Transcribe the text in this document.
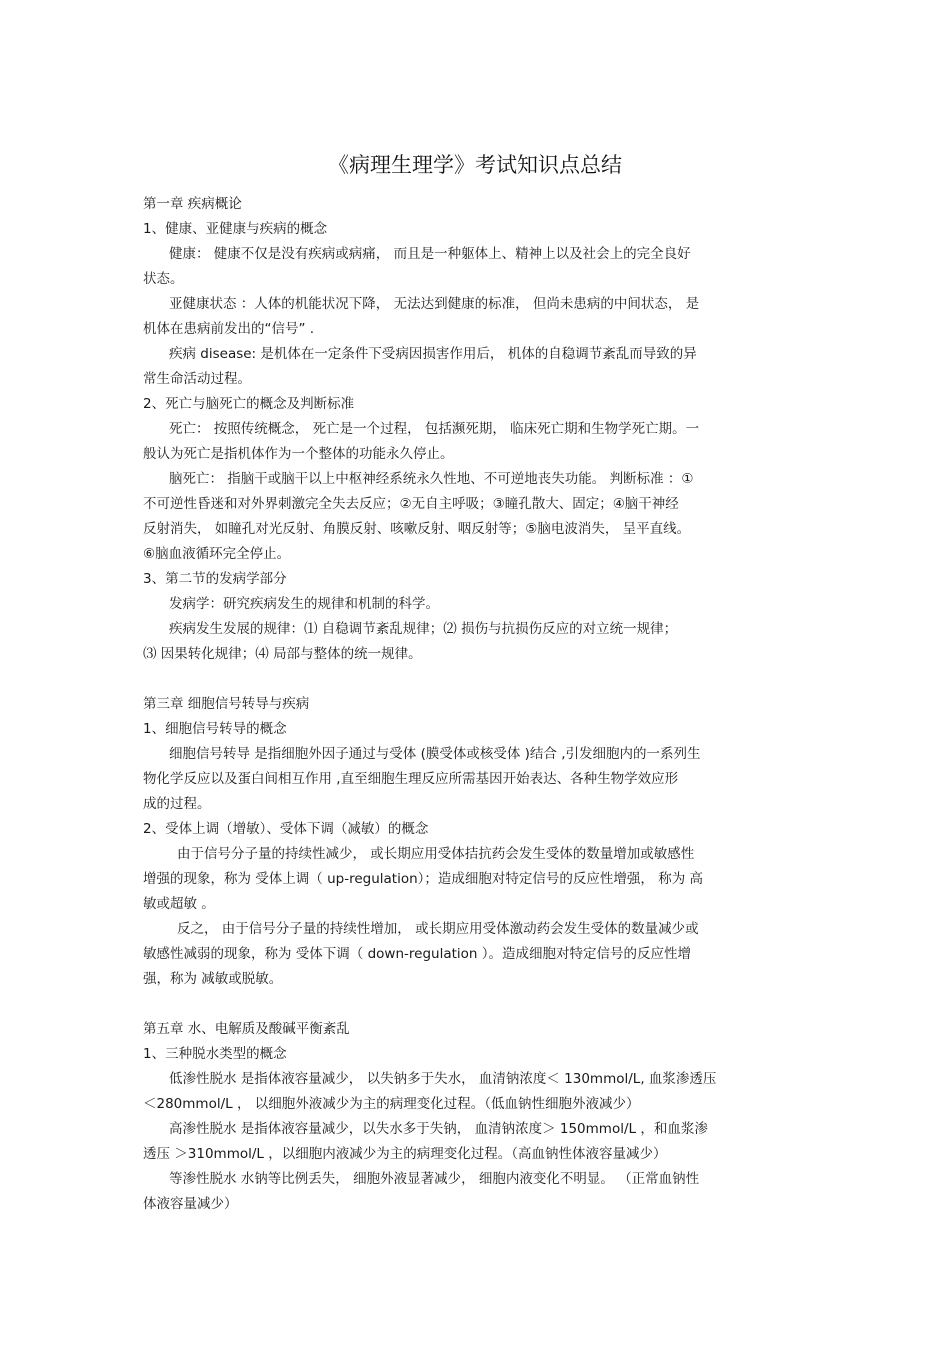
《病理生理学》考试知识点总结
第一章 疾病概论
1、健康、亚健康与疾病的概念
健康： 健康不仅是没有疾病或病痛， 而且是一种躯体上、精神上以及社会上的完全良好
状态。
亚健康状态 ：人体的机能状况下降， 无法达到健康的标准， 但尚未患病的中间状态， 是
机体在患病前发出的“信号” .
疾病 disease: 是机体在一定条件下受病因损害作用后， 机体的自稳调节紊乱而导致的异
常生命活动过程。
2、死亡与脑死亡的概念及判断标准
死亡： 按照传统概念， 死亡是一个过程， 包括濒死期， 临床死亡期和生物学死亡期。一
般认为死亡是指机体作为一个整体的功能永久停止。
脑死亡： 指脑干或脑干以上中枢神经系统永久性地、不可逆地丧失功能。 判断标准 ：①
不可逆性昏迷和对外界刺激完全失去反应；②无自主呼吸；③瞳孔散大、固定；④脑干神经
反射消失， 如瞳孔对光反射、角膜反射、咳嗽反射、咽反射等；⑤脑电波消失， 呈平直线。
⑥脑血液循环完全停止。
3、第二节的发病学部分
发病学：研究疾病发生的规律和机制的科学。
疾病发生发展的规律：⑴ 自稳调节紊乱规律；⑵ 损伤与抗损伤反应的对立统一规律；
⑶ 因果转化规律；⑷ 局部与整体的统一规律。
第三章 细胞信号转导与疾病
1、细胞信号转导的概念
细胞信号转导 是指细胞外因子通过与受体 (膜受体或核受体 )结合 ,引发细胞内的一系列生
物化学反应以及蛋白间相互作用 ,直至细胞生理反应所需基因开始表达、各种生物学效应形
成的过程。
2、受体上调（增敏）、受体下调（减敏）的概念
由于信号分子量的持续性减少， 或长期应用受体拮抗药会发生受体的数量增加或敏感性
增强的现象，称为 受体上调（ up-regulation）；造成细胞对特定信号的反应性增强， 称为 高
敏或超敏 。
反之， 由于信号分子量的持续性增加， 或长期应用受体激动药会发生受体的数量减少或
敏感性减弱的现象，称为 受体下调（ down-regulation ）。造成细胞对特定信号的反应性增
强，称为 减敏或脱敏。
第五章 水、电解质及酸碱平衡紊乱
1、三种脱水类型的概念
低渗性脱水 是指体液容量减少， 以失钠多于失水， 血清钠浓度＜ 130mmol/L, 血浆渗透压
＜280mmol/L ， 以细胞外液减少为主的病理变化过程。（低血钠性细胞外液减少）
高渗性脱水 是指体液容量减少，以失水多于失钠， 血清钠浓度＞ 150mmol/L ，和血浆渗
透压 ＞310mmol/L ，以细胞内液减少为主的病理变化过程。（高血钠性体液容量减少）
等渗性脱水 水钠等比例丢失， 细胞外液显著减少， 细胞内液变化不明显。 （正常血钠性
体液容量减少）
